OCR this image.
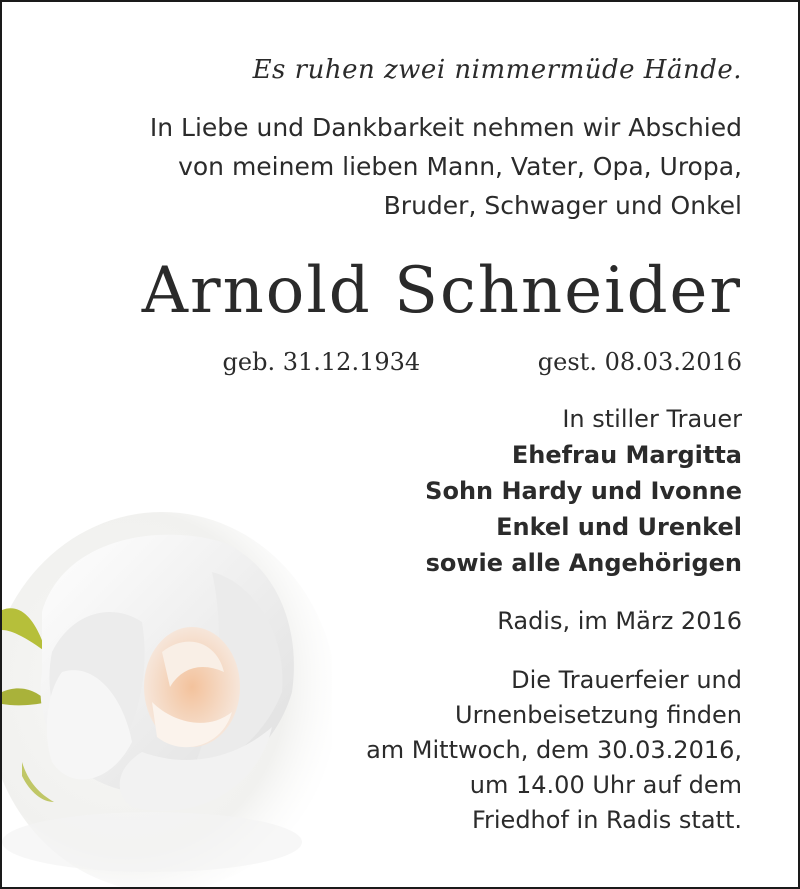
Es ruhen zwei nimmermüde Hände.

In Liebe und Dankbarkeit nehmen wir Abschied
von meinem lieben Mann, Vater, Opa, Uropa,
Bruder, Schwager und Onkel

Arnold Schneider

geb. 31.12.1934	gest. 08.03.2016

In stiller Trauer
Ehefrau Margitta
Sohn Hardy und Ivonne
Enkel und Urenkel
sowie alle Angehörigen

Radis, im März 2016

Die Trauerfeier und
Urnenbeisetzung finden
am Mittwoch, dem 30.03.2016,
um 14.00 Uhr auf dem
Friedhof in Radis statt.
